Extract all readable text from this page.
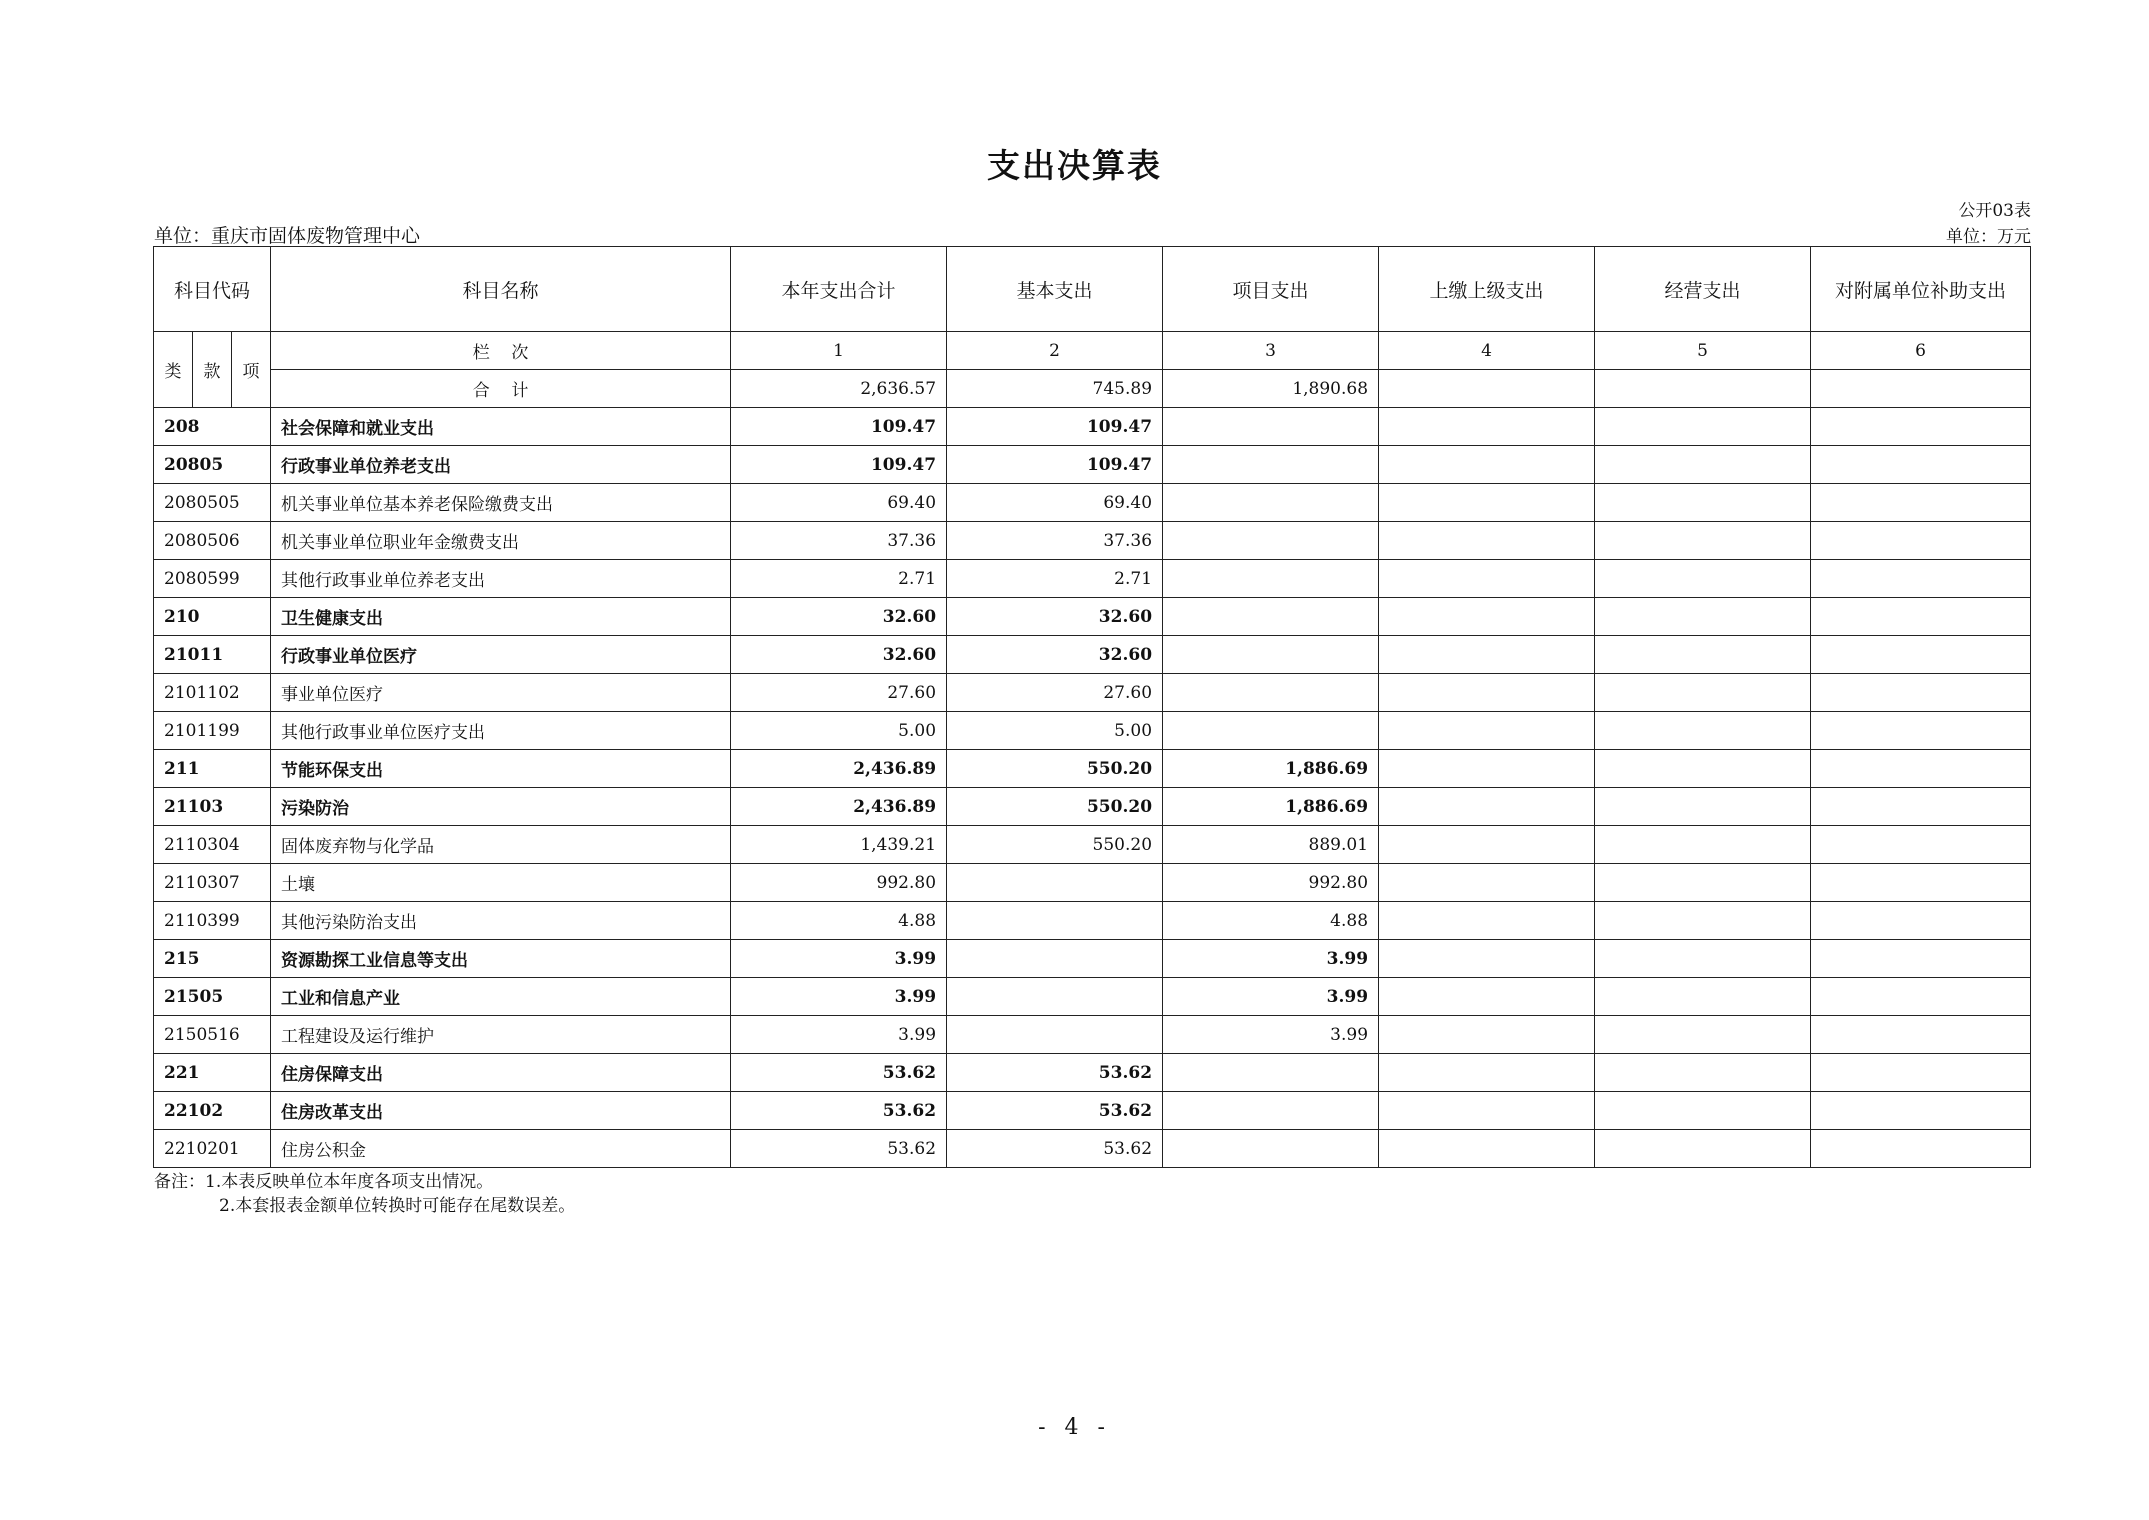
支出决算表
公开03表
单位：重庆市固体废物管理中心	单位：万元
科目代码			科目名称	本年支出合计	基本支出	项目支出	上缴上级支出	经营支出	对附属单位补助支出
类	款	项	栏    次	1	2	3	4	5	6
			合    计	2,636.57	745.89	1,890.68			
208			社会保障和就业支出	109.47	109.47				
20805			行政事业单位养老支出	109.47	109.47				
2080505			机关事业单位基本养老保险缴费支出	69.40	69.40				
2080506			机关事业单位职业年金缴费支出	37.36	37.36				
2080599			其他行政事业单位养老支出	2.71	2.71				
210			卫生健康支出	32.60	32.60				
21011			行政事业单位医疗	32.60	32.60				
2101102			事业单位医疗	27.60	27.60				
2101199			其他行政事业单位医疗支出	5.00	5.00				
211			节能环保支出	2,436.89	550.20	1,886.69			
21103			污染防治	2,436.89	550.20	1,886.69			
2110304			固体废弃物与化学品	1,439.21	550.20	889.01			
2110307			土壤	992.80		992.80			
2110399			其他污染防治支出	4.88		4.88			
215			资源勘探工业信息等支出	3.99		3.99			
21505			工业和信息产业	3.99		3.99			
2150516			工程建设及运行维护	3.99		3.99			
221			住房保障支出	53.62	53.62				
22102			住房改革支出	53.62	53.62				
2210201			住房公积金	53.62	53.62				
备注：1.本表反映单位本年度各项支出情况。
2.本套报表金额单位转换时可能存在尾数误差。
- 4 -
